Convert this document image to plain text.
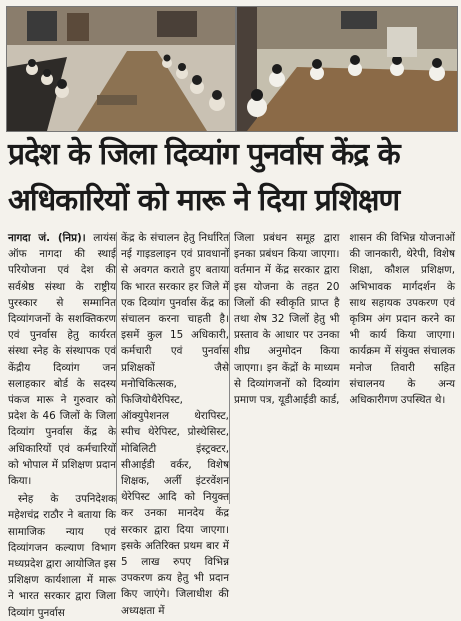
प्रदेश के जिला दिव्यांग पुनर्वास केंद्र के
अधिकारियों को मारू ने दिया प्रशिक्षण

नागदा जं. (निप्र)। लायंस ऑफ नागदा की स्थाई परियोजना एवं देश की सर्वश्रेष्ठ संस्था के राष्ट्रीय पुरस्कार से सम्मानित दिव्यांगजनों के सशक्तिकरण एवं पुनर्वास हेतु कार्यरत संस्था स्नेह के संस्थापक एवं केंद्रीय दिव्यांग जन सलाहकार बोर्ड के सदस्य पंकज मारू ने गुरुवार को प्रदेश के 46 जिलों के जिला दिव्यांग पुनर्वास केंद्र के अधिकारियों एवं कर्मचारियों को भोपाल में प्रशिक्षण प्रदान किया।

स्नेह के उपनिदेशक महेशचंद्र राठौर ने बताया कि सामाजिक न्याय एवं दिव्यांगजन कल्याण विभाग मध्यप्रदेश द्वारा आयोजित इस प्रशिक्षण कार्यशाला में मारू ने भारत सरकार द्वारा जिला दिव्यांग पुनर्वास

केंद्र के संचालन हेतु निर्धारित नई गाइडलाइन एवं प्रावधानों से अवगत कराते हुए बताया कि भारत सरकार हर जिले में एक दिव्यांग पुनर्वास केंद्र का संचालन करना चाहती है। इसमें कुल 15 अधिकारी, कर्मचारी एवं पुनर्वास प्रशिक्षकों जैसे मनोचिकित्सक, फिजियोथैरेपिस्ट, ऑक्युपेशनल थेरापिस्ट, स्पीच थेरेपिस्ट, प्रोस्थेसिस्ट, मोबिलिटी इंस्ट्रक्टर, सीआईडी वर्कर, विशेष शिक्षक, अर्ली इंटरवेंशन थेरेपिस्ट आदि को नियुक्त कर उनका मानदेय केंद्र सरकार द्वारा दिया जाएगा। इसके अतिरिक्त प्रथम बार में 5 लाख रुपए विभिन्न उपकरण क्रय हेतु भी प्रदान किए जाएंगे। जिलाधीश की अध्यक्षता में

जिला प्रबंधन समूह द्वारा इनका प्रबंधन किया जाएगा। वर्तमान में केंद्र सरकार द्वारा इस योजना के तहत 20 जिलों की स्वीकृति प्राप्त है तथा शेष 32 जिलों हेतु भी प्रस्ताव के आधार पर उनका शीघ्र अनुमोदन किया जाएगा। इन केंद्रों के माध्यम से दिव्यांगजनों को दिव्यांग प्रमाण पत्र, यूडीआईडी कार्ड, शासन की विभिन्न योजनाओं की जानकारी, थेरेपी, विशेष शिक्षा, कौशल प्रशिक्षण, अभिभावक मार्गदर्शन के साथ सहायक उपकरण एवं कृत्रिम अंग प्रदान करने का भी कार्य किया जाएगा। कार्यक्रम में संयुक्त संचालक मनोज तिवारी सहित संचालनय के अन्य अधिकारीगण उपस्थित थे।
